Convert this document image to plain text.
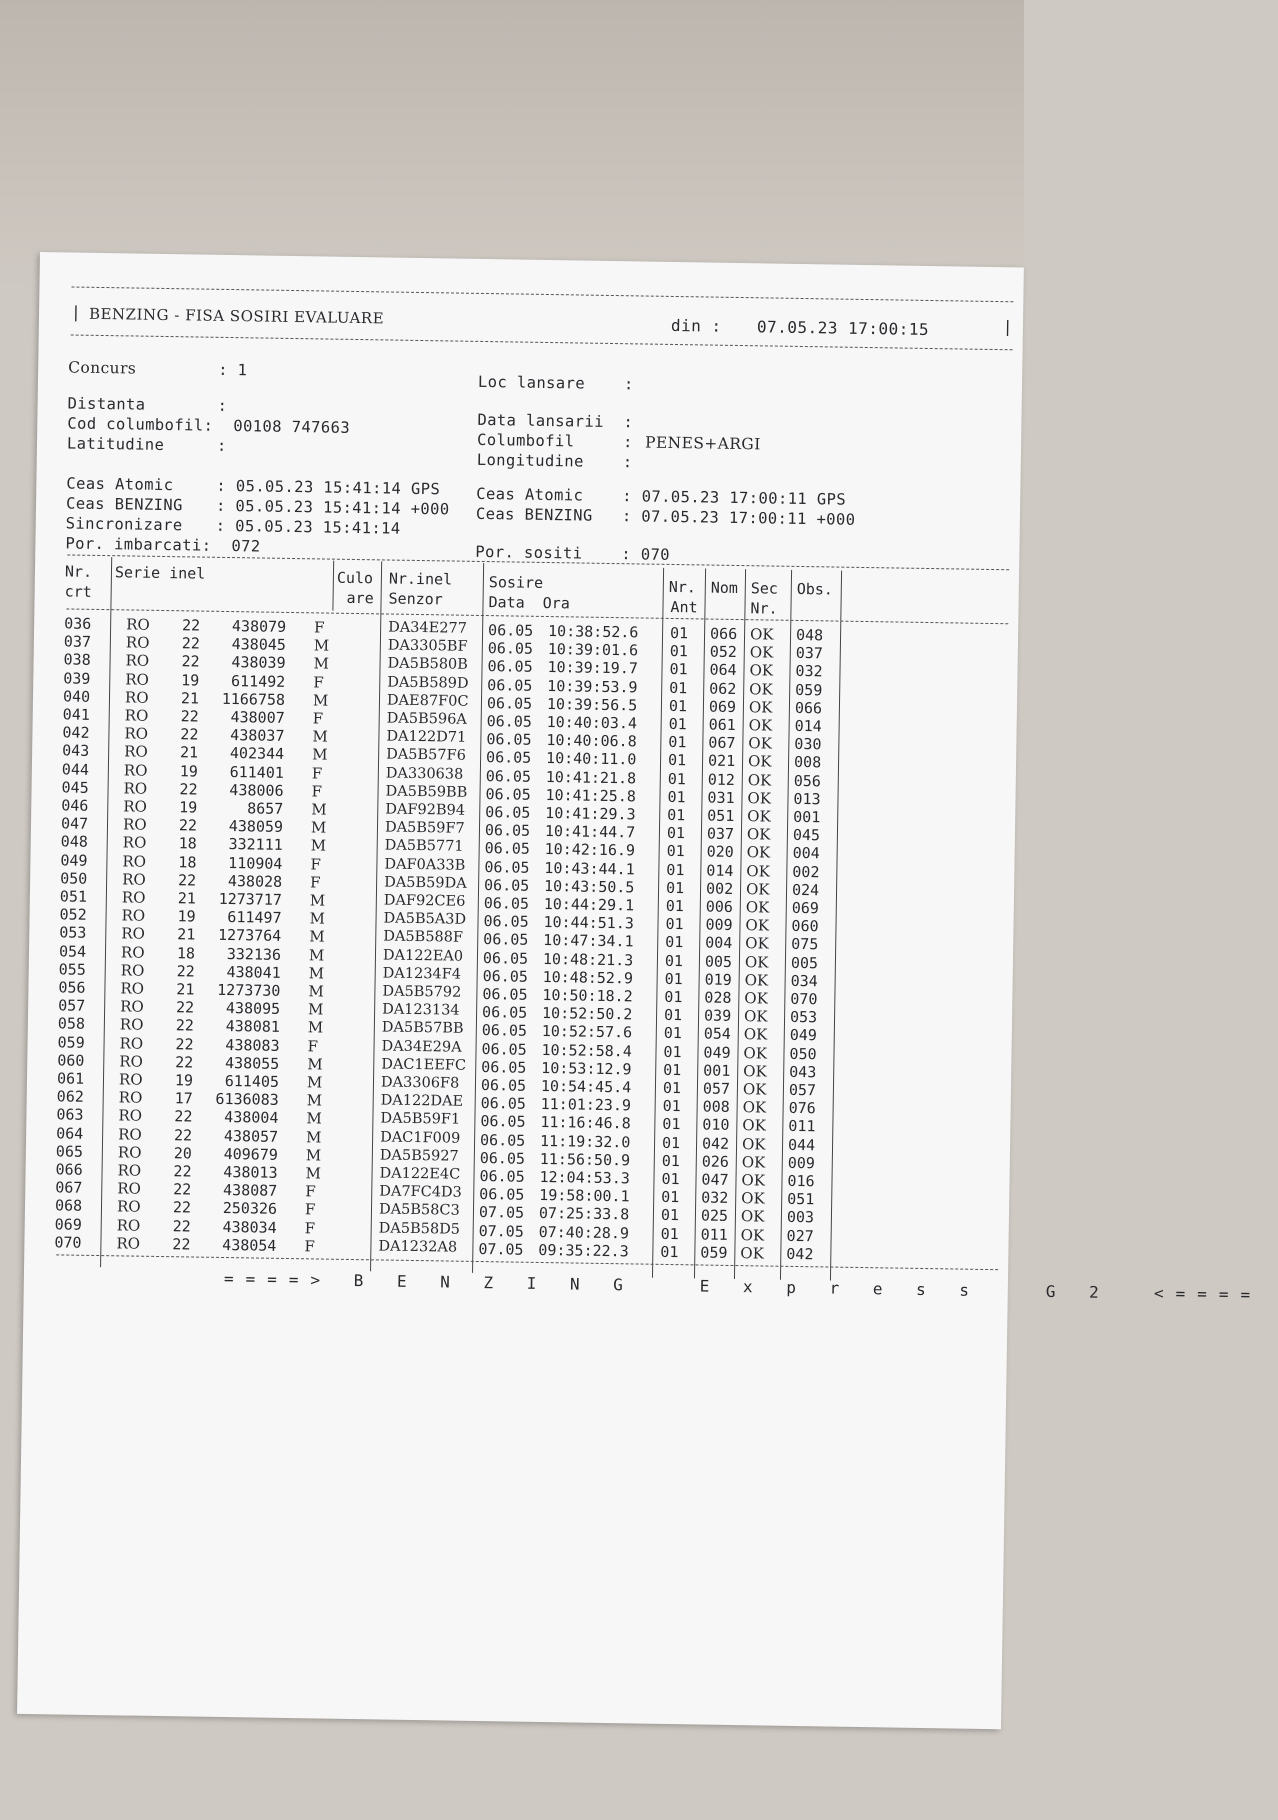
| BENZING - FISA SOSIRI EVALUARE	din : 07.05.23 17:00:15	|
Concurs	: 1
Distanta	:
Cod columbofil: 00108 747663
Latitudine	:
Ceas Atomic	: 05.05.23 15:41:14 GPS
Ceas BENZING : 05.05.23 15:41:14 +000
Sincronizare : 05.05.23 15:41:14
Por. imbarcati: 072
Loc lansare :
Data lansarii :
Columbofil	: PENES+ARGI
Longitudine :
Ceas Atomic : 07.05.23 17:00:11 GPS
Ceas BENZING : 07.05.23 17:00:11 +000
Por. sositi : 070
Nr.
crt
Serie inel	Culo
are
Nr.inel
Senzor
Sosire
Data  Ora
Nr.
Ant
Nom Sec
Nr.
Obs.
036	RO	22	438079 F	DA34E277	06.05 10:38:52.6	01	066 OK	048
037	RO	22	438045 M	DA3305BF	06.05 10:39:01.6	01	052 OK	037
038	RO	22	438039 M	DA5B580B	06.05 10:39:19.7	01	064 OK	032
039	RO	19	611492 F	DA5B589D	06.05 10:39:53.9	01	062 OK	059
040	RO	21	1166758 M	DAE87F0C	06.05 10:39:56.5	01	069 OK	066
041	RO	22	438007 F	DA5B596A	06.05 10:40:03.4	01	061 OK	014
042	RO	22	438037 M	DA122D71	06.05 10:40:06.8	01	067 OK	030
043	RO	21	402344 M	DA5B57F6	06.05 10:40:11.0	01	021 OK	008
044	RO	19	611401 F	DA330638	06.05 10:41:21.8	01	012 OK	056
045	RO	22	438006 F	DA5B59BB	06.05 10:41:25.8	01	031 OK	013
046	RO	19	8657 M	DAF92B94	06.05 10:41:29.3	01	051 OK	001
047	RO	22	438059 M	DA5B59F7	06.05 10:41:44.7	01	037 OK	045
048	RO	18	332111 M	DA5B5771	06.05 10:42:16.9	01	020 OK	004
049	RO	18	110904 F	DAF0A33B	06.05 10:43:44.1	01	014 OK	002
050	RO	22	438028 F	DA5B59DA	06.05 10:43:50.5	01	002 OK	024
051	RO	21	1273717 M	DAF92CE6	06.05 10:44:29.1	01	006 OK	069
052	RO	19	611497 M	DA5B5A3D	06.05 10:44:51.3	01	009 OK	060
053	RO	21	1273764 M	DA5B588F	06.05 10:47:34.1	01	004 OK	075
054	RO	18	332136 M	DA122EA0	06.05 10:48:21.3	01	005 OK	005
055	RO	22	438041 M	DA1234F4	06.05 10:48:52.9	01	019 OK	034
056	RO	21	1273730 M	DA5B5792	06.05 10:50:18.2	01	028 OK	070
057	RO	22	438095 M	DA123134	06.05 10:52:50.2	01	039 OK	053
058	RO	22	438081 M	DA5B57BB	06.05 10:52:57.6	01	054 OK	049
059	RO	22	438083 F	DA34E29A	06.05 10:52:58.4	01	049 OK	050
060	RO	22	438055 M	DAC1EEFC 06.05 10:53:12.9	01	001 OK	043
061	RO	19	611405 M	DA3306F8	06.05 10:54:45.4	01	057 OK	057
062	RO	17	6136083 M	DA122DAE	06.05 11:01:23.9	01	008 OK	076
063	RO	22	438004 M	DA5B59F1	06.05 11:16:46.8	01	010 OK	011
064	RO	22	438057 M	DAC1F009	06.05 11:19:32.0	01	042 OK	044
065	RO	20	409679 M	DA5B5927	06.05 11:56:50.9	01	026 OK	009
066	RO	22	438013 M	DA122E4C	06.05 12:04:53.3	01	047 OK	016
067	RO	22	438087 F	DA7FC4D3	06.05 19:58:00.1	01	032 OK	051
068	RO	22	250326 F	DA5B58C3	07.05 07:25:33.8	01	025 OK	003
069	RO	22	438034 F	DA5B58D5	07.05 07:40:28.9	01	011 OK	027
070	RO	22	438054 F	DA1232A8	07.05 09:35:22.3	01	059 OK	042
====> B E N Z I N G   E x p r e s s   G 2  <====
